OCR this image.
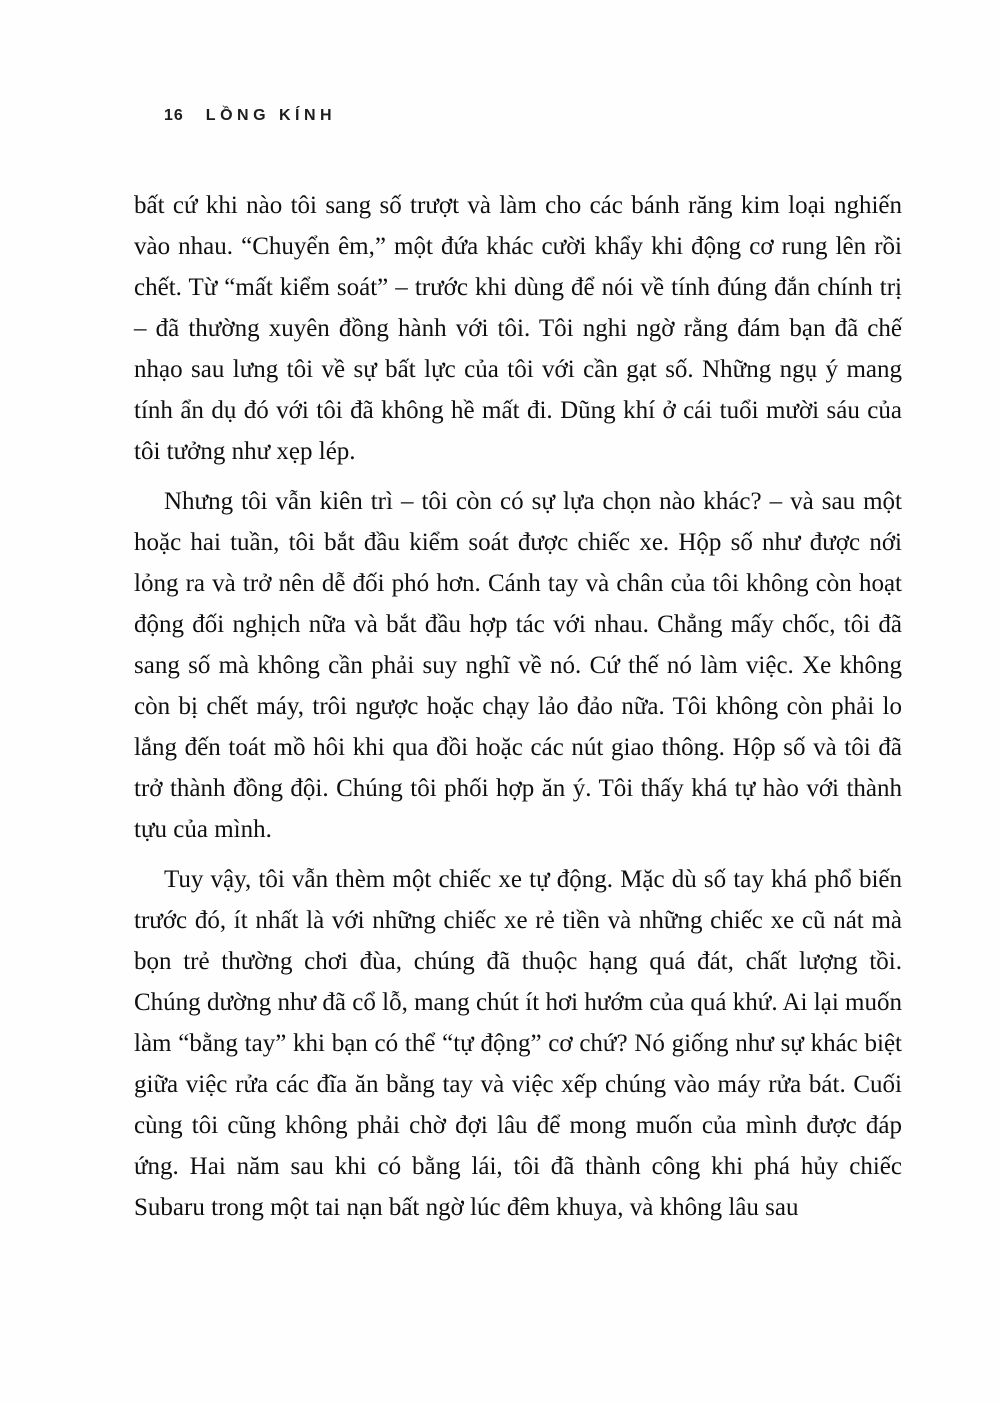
16 LỒNG KÍNH

bất cứ khi nào tôi sang số trượt và làm cho các bánh răng kim loại nghiến vào nhau. “Chuyển êm,” một đứa khác cười khẩy khi động cơ rung lên rồi chết. Từ “mất kiểm soát” – trước khi dùng để nói về tính đúng đắn chính trị – đã thường xuyên đồng hành với tôi. Tôi nghi ngờ rằng đám bạn đã chế nhạo sau lưng tôi về sự bất lực của tôi với cần gạt số. Những ngụ ý mang tính ẩn dụ đó với tôi đã không hề mất đi. Dũng khí ở cái tuổi mười sáu của tôi tưởng như xẹp lép.

Nhưng tôi vẫn kiên trì – tôi còn có sự lựa chọn nào khác? – và sau một hoặc hai tuần, tôi bắt đầu kiểm soát được chiếc xe. Hộp số như được nới lỏng ra và trở nên dễ đối phó hơn. Cánh tay và chân của tôi không còn hoạt động đối nghịch nữa và bắt đầu hợp tác với nhau. Chẳng mấy chốc, tôi đã sang số mà không cần phải suy nghĩ về nó. Cứ thế nó làm việc. Xe không còn bị chết máy, trôi ngược hoặc chạy lảo đảo nữa. Tôi không còn phải lo lắng đến toát mồ hôi khi qua đồi hoặc các nút giao thông. Hộp số và tôi đã trở thành đồng đội. Chúng tôi phối hợp ăn ý. Tôi thấy khá tự hào với thành tựu của mình.

Tuy vậy, tôi vẫn thèm một chiếc xe tự động. Mặc dù số tay khá phổ biến trước đó, ít nhất là với những chiếc xe rẻ tiền và những chiếc xe cũ nát mà bọn trẻ thường chơi đùa, chúng đã thuộc hạng quá đát, chất lượng tồi. Chúng dường như đã cổ lỗ, mang chút ít hơi hướm của quá khứ. Ai lại muốn làm “bằng tay” khi bạn có thể “tự động” cơ chứ? Nó giống như sự khác biệt giữa việc rửa các đĩa ăn bằng tay và việc xếp chúng vào máy rửa bát. Cuối cùng tôi cũng không phải chờ đợi lâu để mong muốn của mình được đáp ứng. Hai năm sau khi có bằng lái, tôi đã thành công khi phá hủy chiếc Subaru trong một tai nạn bất ngờ lúc đêm khuya, và không lâu sau
